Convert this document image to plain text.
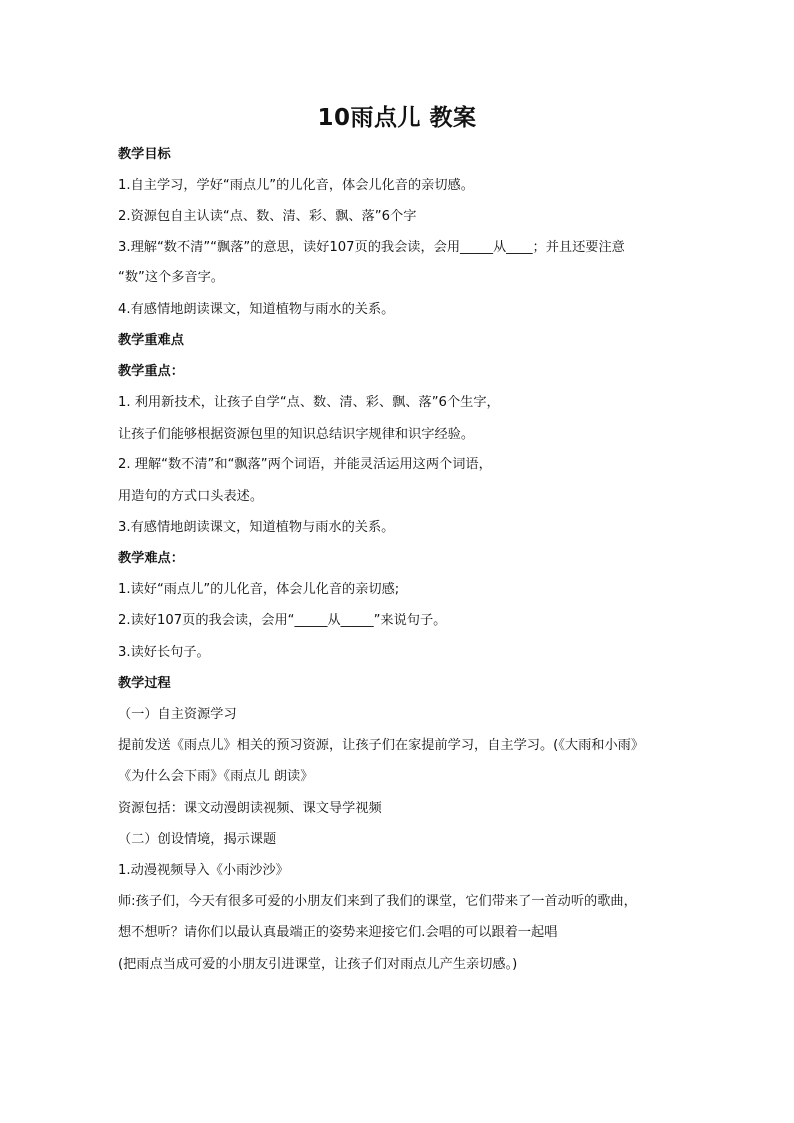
10雨点儿 教案
教学目标
1.自主学习，学好“雨点儿”的儿化音，体会儿化音的亲切感。
2.资源包自主认读“点、数、清、彩、飘、落”6个字
3.理解“数不清”“飘落”的意思，读好107页的我会读，会用_____从____；并且还要注意
“数”这个多音字。
4.有感情地朗读课文，知道植物与雨水的关系。
教学重难点
教学重点：
1. 利用新技术，让孩子自学“点、数、清、彩、飘、落”6个生字，
让孩子们能够根据资源包里的知识总结识字规律和识字经验。
2. 理解“数不清”和“飘落”两个词语，并能灵活运用这两个词语，
用造句的方式口头表述。
3.有感情地朗读课文，知道植物与雨水的关系。
教学难点：
1.读好“雨点儿”的儿化音，体会儿化音的亲切感;
2.读好107页的我会读，会用“_____从_____”来说句子。
3.读好长句子。
教学过程
（一）自主资源学习
提前发送《雨点儿》相关的预习资源，让孩子们在家提前学习，自主学习。(《大雨和小雨》
《为什么会下雨》《雨点儿 朗读》
资源包括：课文动漫朗读视频、课文导学视频
（二）创设情境，揭示课题
1.动漫视频导入《小雨沙沙》
师:孩子们，今天有很多可爱的小朋友们来到了我们的课堂，它们带来了一首动听的歌曲，
想不想听？请你们以最认真最端正的姿势来迎接它们.会唱的可以跟着一起唱
(把雨点当成可爱的小朋友引进课堂，让孩子们对雨点儿产生亲切感。)
